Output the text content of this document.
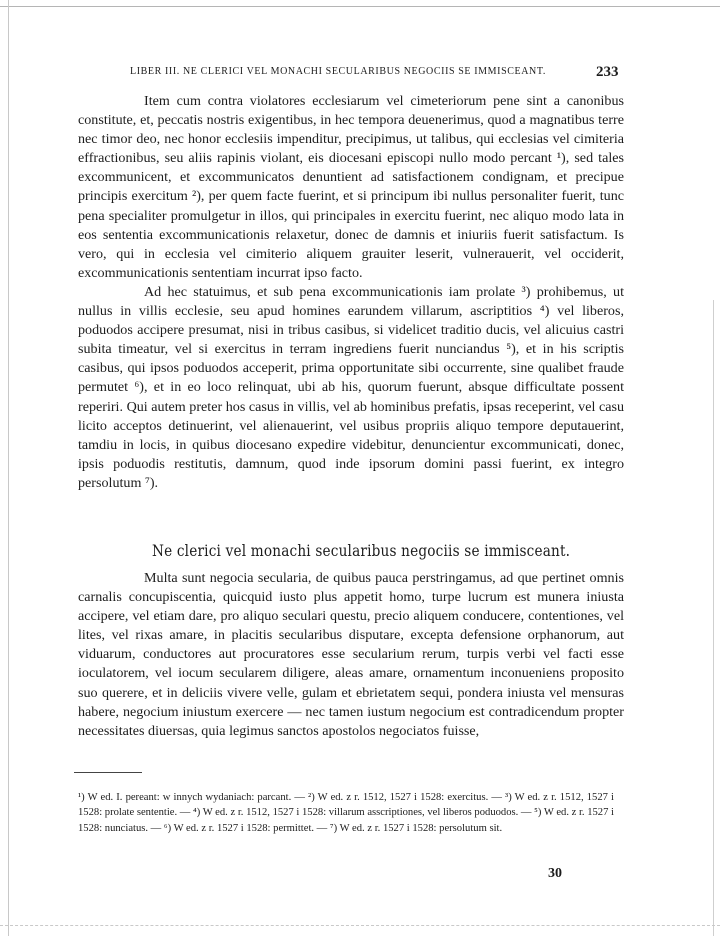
LIBER III. NE CLERICI VEL MONACHI SECULARIBUS NEGOCIIS SE IMMISCEANT.	233

Item cum contra violatores ecclesiarum vel cimeteriorum pene sint a canonibus constitute, et, peccatis nostris exigentibus, in hec tempora deuenerimus, quod a magnatibus terre nec timor deo, nec honor ecclesiis impenditur, precipimus, ut talibus, qui ecclesias vel cimiteria effractionibus, seu aliis rapinis violant, eis diocesani episcopi nullo modo percant ¹), sed tales excommunicent, et excommunicatos denuntient ad satisfactionem condignam, et precipue principis exercitum ²), per quem facte fuerint, et si principum ibi nullus personaliter fuerit, tunc pena specialiter promulgetur in illos, qui principales in exercitu fuerint, nec aliquo modo lata in eos sententia excommunicationis relaxetur, donec de damnis et iniuriis fuerit satisfactum. Is vero, qui in ecclesia vel cimiterio aliquem grauiter leserit, vulnerauerit, vel occiderit, excommunicationis sententiam incurrat ipso facto.

Ad hec statuimus, et sub pena excommunicationis iam prolate ³) prohibemus, ut nullus in villis ecclesie, seu apud homines earundem villarum, ascriptitios ⁴) vel liberos, poduodos accipere presumat, nisi in tribus casibus, si videlicet traditio ducis, vel alicuius castri subita timeatur, vel si exercitus in terram ingrediens fuerit nunciandus ⁵), et in his scriptis casibus, qui ipsos poduodos acceperit, prima opportunitate sibi occurrente, sine qualibet fraude permutet ⁶), et in eo loco relinquat, ubi ab his, quorum fuerunt, absque difficultate possent reperiri. Qui autem preter hos casus in villis, vel ab hominibus prefatis, ipsas receperint, vel casu licito acceptos detinuerint, vel alienauerint, vel usibus propriis aliquo tempore deputauerint, tamdiu in locis, in quibus diocesano expedire videbitur, denuncientur excommunicati, donec, ipsis poduodis restitutis, damnum, quod inde ipsorum domini passi fuerint, ex integro persolutum ⁷).

Ne clerici vel monachi secularibus negociis se immisceant.

Multa sunt negocia secularia, de quibus pauca perstringamus, ad que pertinet omnis carnalis concupiscentia, quicquid iusto plus appetit homo, turpe lucrum est munera iniusta accipere, vel etiam dare, pro aliquo seculari questu, precio aliquem conducere, contentiones, vel lites, vel rixas amare, in placitis secularibus disputare, excepta defensione orphanorum, aut viduarum, conductores aut procuratores esse secularium rerum, turpis verbi vel facti esse ioculatorem, vel iocum secularem diligere, aleas amare, ornamentum inconueniens proposito suo querere, et in deliciis vivere velle, gulam et ebrietatem sequi, pondera iniusta vel mensuras habere, negocium iniustum exercere — nec tamen iustum negocium est contradicendum propter necessitates diuersas, quia legimus sanctos apostolos negociatos fuisse,

¹) W ed. I. pereant: w innych wydaniach: parcant. — ²) W ed. z r. 1512, 1527 i 1528: exercitus. — ³) W ed. z r. 1512, 1527 i 1528: prolate sententie. — ⁴) W ed. z r. 1512, 1527 i 1528: villarum asscriptiones, vel liberos poduodos. — ⁵) W ed. z r. 1527 i 1528: nunciatus. — ⁶) W ed. z r. 1527 i 1528: permittet. — ⁷) W ed. z r. 1527 i 1528: persolutum sit.
30
